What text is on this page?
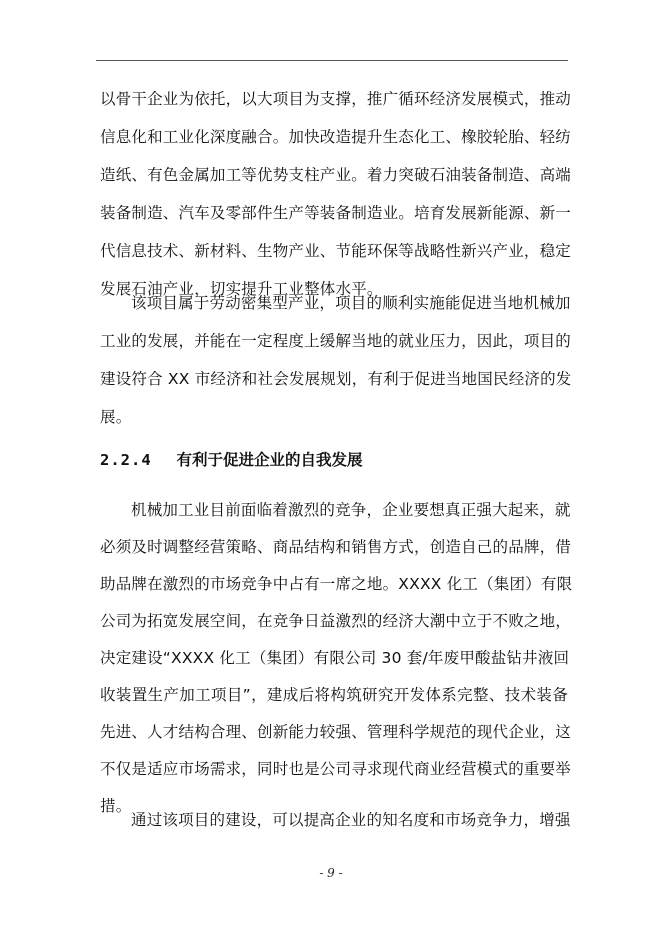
以骨干企业为依托，以大项目为支撑，推广循环经济发展模式，推动
信息化和工业化深度融合。加快改造提升生态化工、橡胶轮胎、轻纺
造纸、有色金属加工等优势支柱产业。着力突破石油装备制造、高端
装备制造、汽车及零部件生产等装备制造业。培育发展新能源、新一
代信息技术、新材料、生物产业、节能环保等战略性新兴产业，稳定
发展石油产业，切实提升工业整体水平。
该项目属于劳动密集型产业，项目的顺利实施能促进当地机械加
工业的发展，并能在一定程度上缓解当地的就业压力，因此，项目的
建设符合 XX 市经济和社会发展规划，有利于促进当地国民经济的发
展。
2.2.4 有利于促进企业的自我发展
机械加工业目前面临着激烈的竞争，企业要想真正强大起来，就
必须及时调整经营策略、商品结构和销售方式，创造自己的品牌，借
助品牌在激烈的市场竞争中占有一席之地。XXXX 化工（集团）有限
公司为拓宽发展空间，在竞争日益激烈的经济大潮中立于不败之地，
决定建设“XXXX 化工（集团）有限公司 30 套/年废甲酸盐钻井液回
收装置生产加工项目”，建成后将构筑研究开发体系完整、技术装备
先进、人才结构合理、创新能力较强、管理科学规范的现代企业，这
不仅是适应市场需求，同时也是公司寻求现代商业经营模式的重要举
措。
通过该项目的建设，可以提高企业的知名度和市场竞争力，增强
- 9 -
